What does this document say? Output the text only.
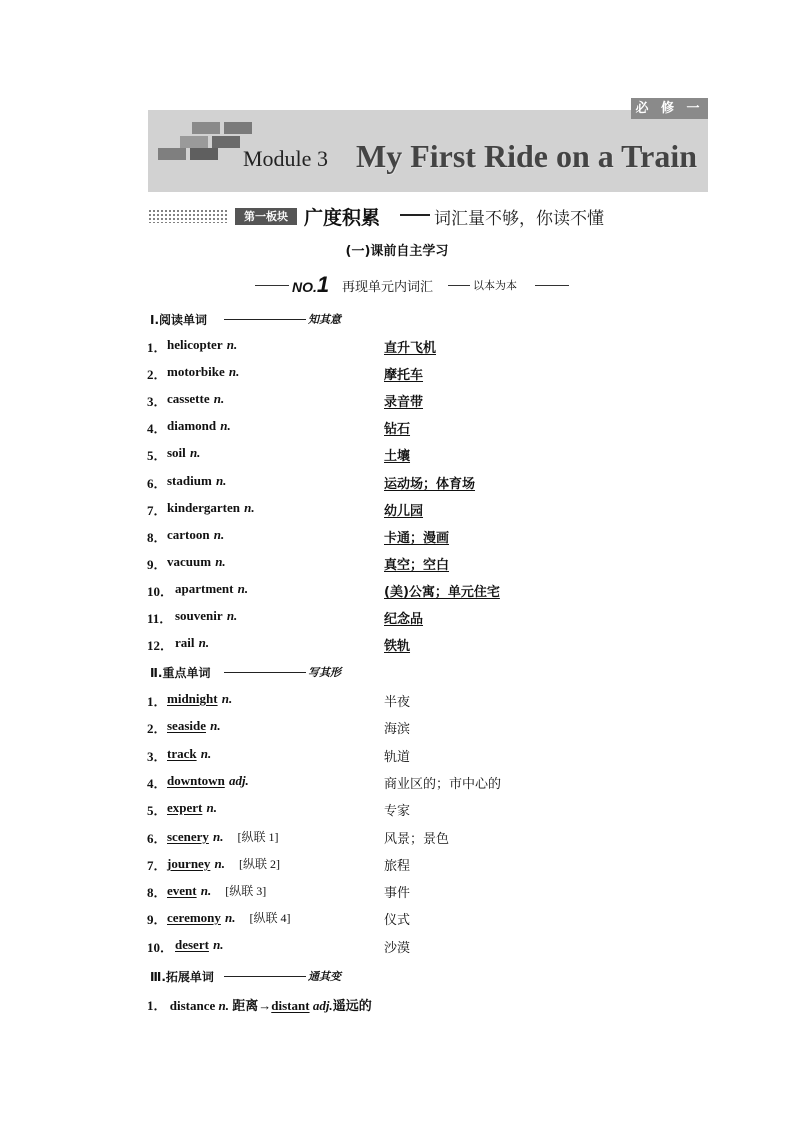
必 修 一
Module 3 My First Ride on a Train
第一板块 广度积累	词汇量不够，你读不懂
(一)课前自主学习
NO.1 再现单元内词汇	以本为本
Ⅰ.阅读单词	知其意
1． helicopter n.	直升飞机
2． motorbike n.	摩托车
3． cassette n.	录音带
4． diamond n.	钻石
5． soil n.	土壤
6． stadium n.	运动场；体育场
7． kindergarten n.	幼儿园
8． cartoon n.	卡通；漫画
9． vacuum n.	真空；空白
10． apartment n.	(美)公寓；单元住宅
11． souvenir n.	纪念品
12． rail n.	铁轨
Ⅱ.重点单词	写其形
1． midnight n.	半夜
2． seaside n.	海滨
3． track n.	轨道
4． downtown adj.	商业区的；市中心的
5． expert n.	专家
6． scenery n. [纵联 1]	风景；景色
7． journey n. [纵联 2]	旅程
8． event n. [纵联 3]	事件
9． ceremony n. [纵联 4]	仪式
10． desert n.	沙漠
Ⅲ.拓展单词	通其变
1． distance n. 距离→distant adj.遥远的
